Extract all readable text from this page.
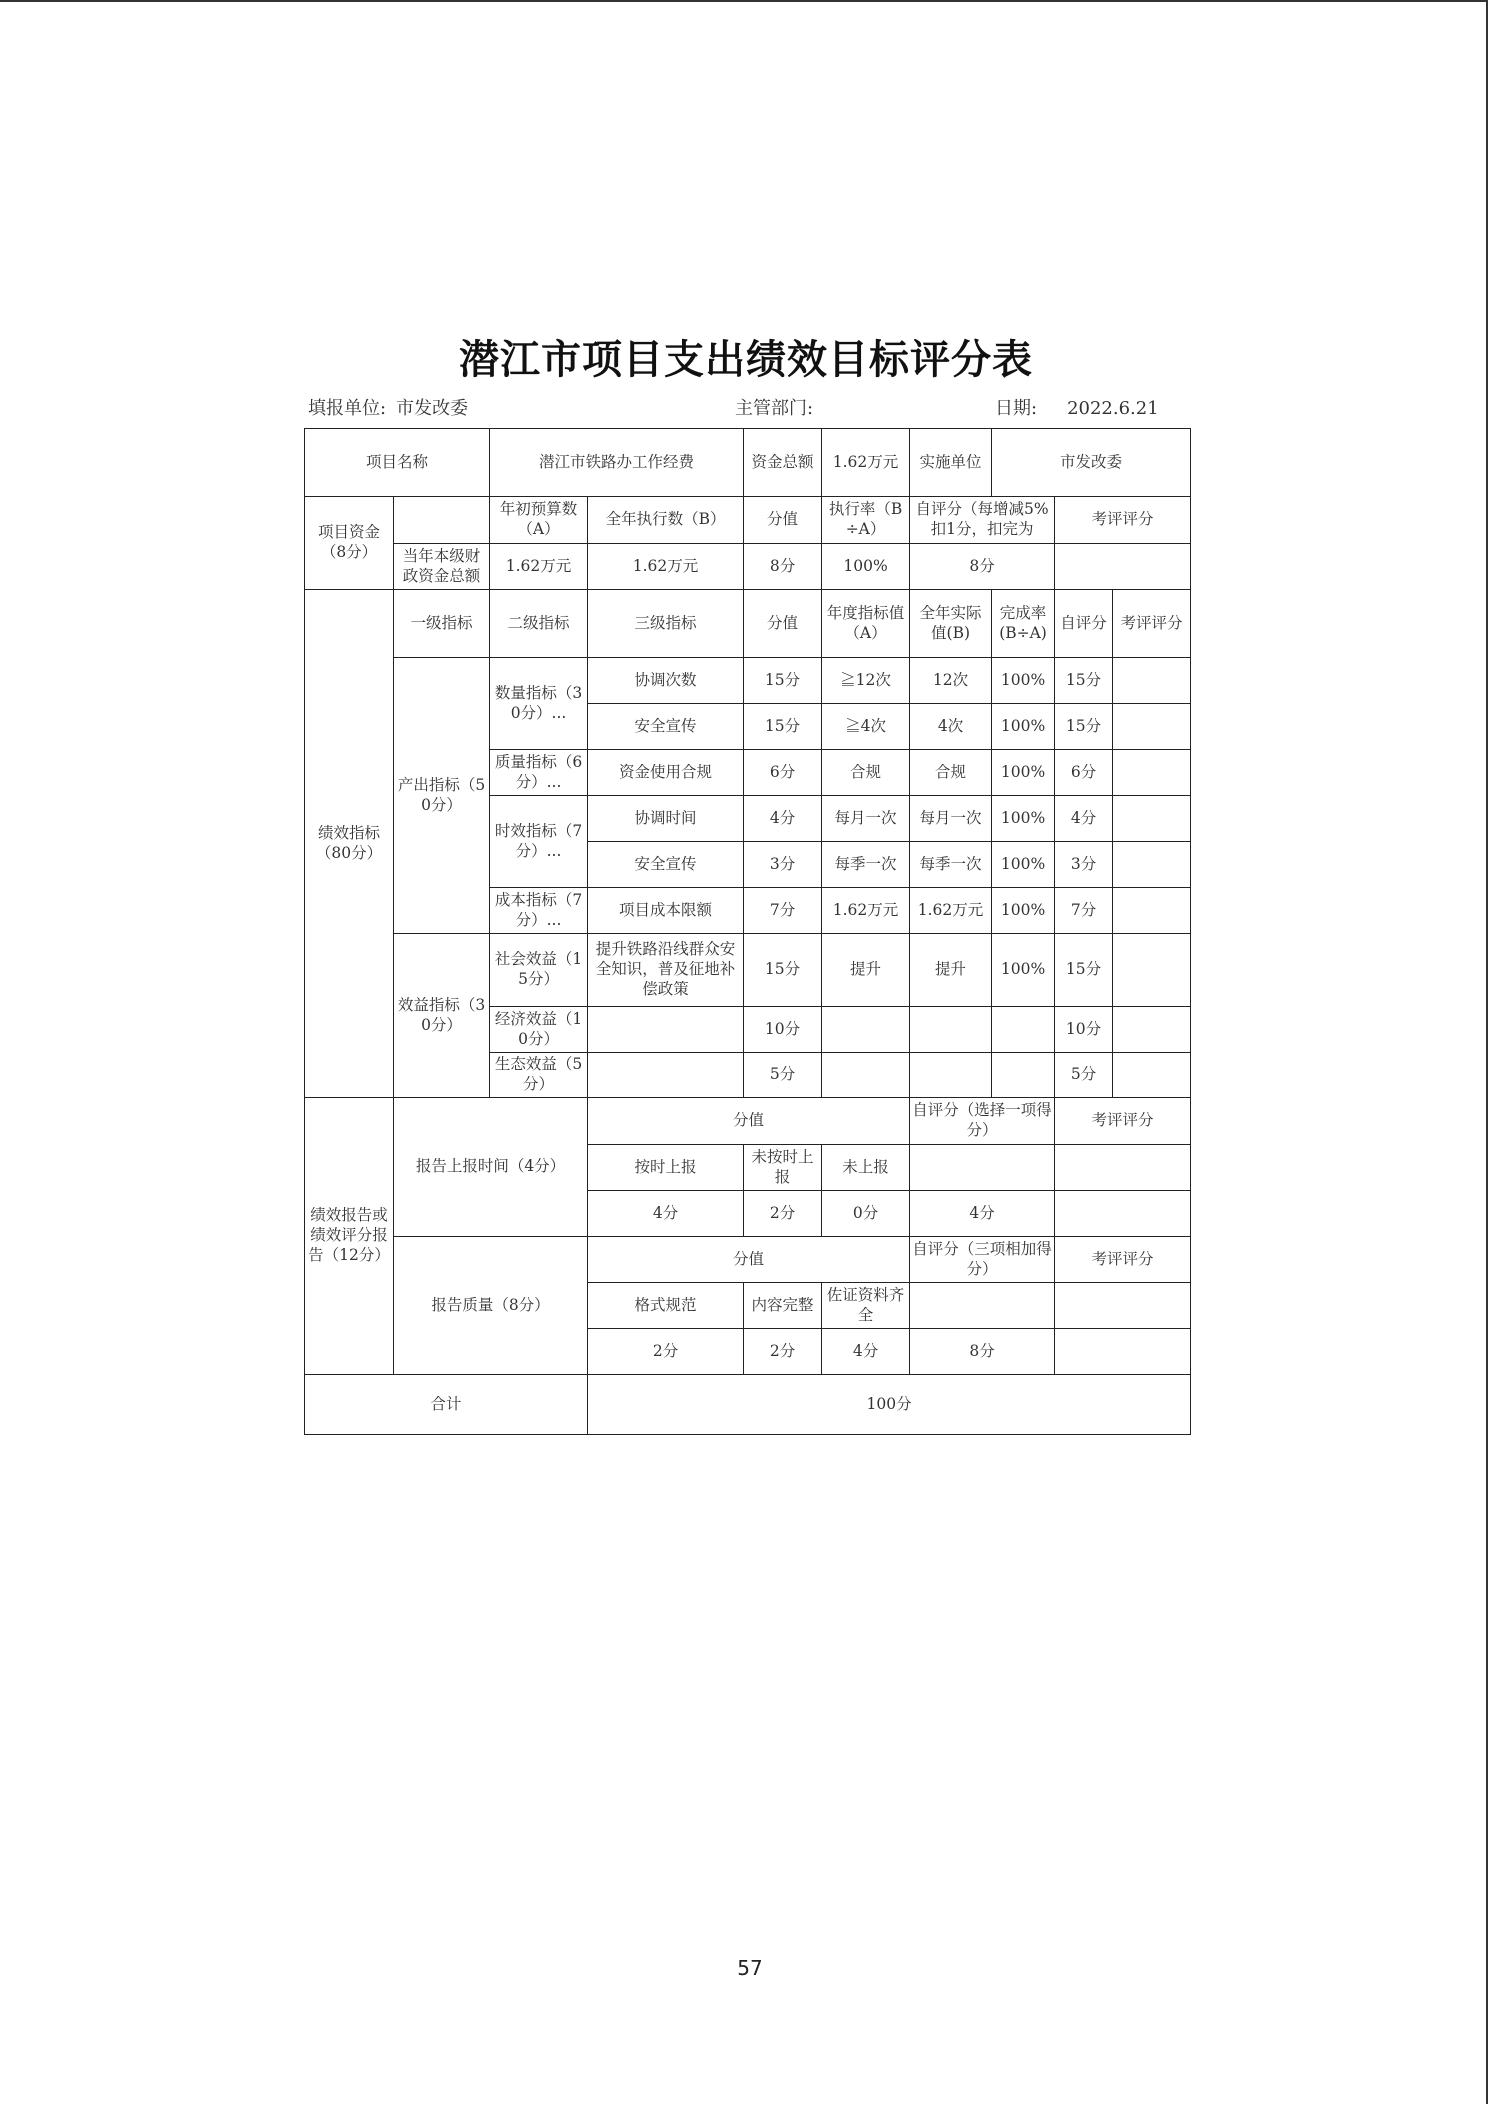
潜江市项目支出绩效目标评分表
填报单位: 市发改委	主管部门:	日期: 2022.6.21
项目名称		潜江市铁路办工作经费		资金总额	1.62万元	实施单位	市发改委		
项目资金（8分）		年初预算数（A）	全年执行数（B）	分值	执行率（B÷A）	自评分（每增减5%扣1分，扣完为		考评评分	
	当年本级财政资金总额	1.62万元	1.62万元	8分	100%	8分			
绩效指标（80分）	一级指标	二级指标	三级指标	分值	年度指标值（A）	全年实际值(B)	完成率(B÷A)	自评分	考评评分
	产出指标（50分）	数量指标（30分）...	协调次数	15分	≧12次	12次	100%	15分	
			安全宣传	15分	≧4次	4次	100%	15分	
		质量指标（6分）...	资金使用合规	6分	合规	合规	100%	6分	
		时效指标（7分）...	协调时间	4分	每月一次	每月一次	100%	4分	
			安全宣传	3分	每季一次	每季一次	100%	3分	
		成本指标（7分）...	项目成本限额	7分	1.62万元	1.62万元	100%	7分	
	效益指标（30分）	社会效益（15分）	提升铁路沿线群众安全知识，普及征地补偿政策	15分	提升	提升	100%	15分	
		经济效益（10分）		10分				10分	
		生态效益（5分）		5分				5分	
绩效报告或绩效评分报告（12分）	报告上报时间（4分）		分值			自评分（选择一项得分）		考评评分	
			按时上报	未按时上报	未上报				
			4分	2分	0分	4分			
	报告质量（8分）		分值			自评分（三项相加得分）		考评评分	
			格式规范	内容完整	佐证资料齐全				
			2分	2分	4分	8分			
合计			100分						
57
